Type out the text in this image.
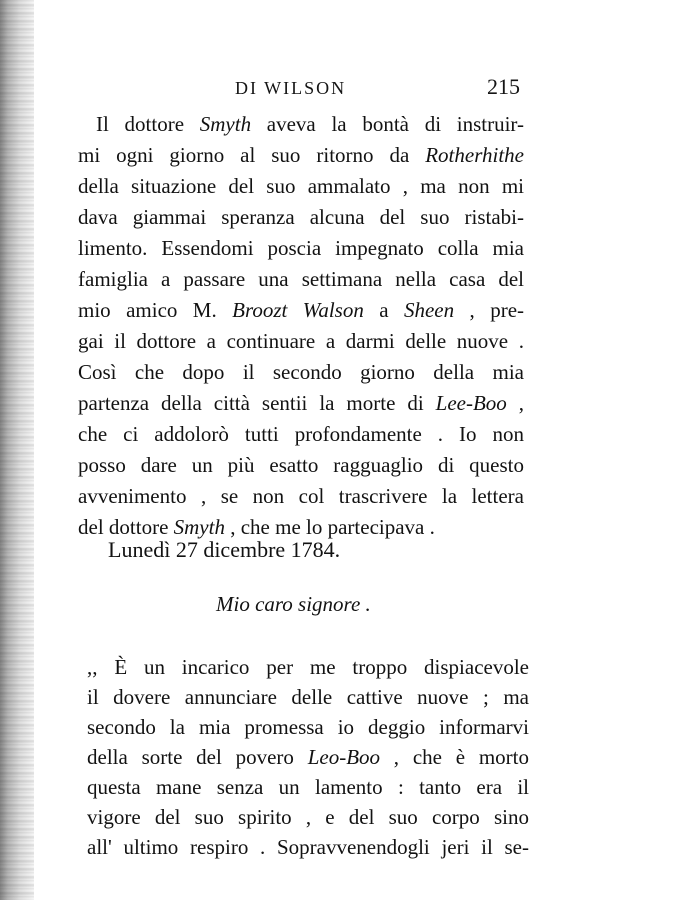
DI WILSON	215
Il dottore Smyth aveva la bontà di instruir-
mi ogni giorno al suo ritorno da Rotherhithe
della situazione del suo ammalato , ma non mi
dava giammai speranza alcuna del suo ristabi-
limento. Essendomi poscia impegnato colla mia
famiglia a passare una settimana nella casa del
mio amico M. Broozt Walson a Sheen , pre-
gai il dottore a continuare a darmi delle nuove .
Così che dopo il secondo giorno della mia
partenza della città sentii la morte di Lee-Boo ,
che ci addolorò tutti profondamente . Io non
posso dare un più esatto ragguaglio di questo
avvenimento , se non col trascrivere la lettera
del dottore Smyth , che me lo partecipava .
Lunedì 27 dicembre 1784.
Mio caro signore .
,, È un incarico per me troppo dispiacevole
il dovere annunciare delle cattive nuove ; ma
secondo la mia promessa io deggio informarvi
della sorte del povero Leo-Boo , che è morto
questa mane senza un lamento : tanto era il
vigore del suo spirito , e del suo corpo sino
all' ultimo respiro . Sopravvenendogli jeri il se-
